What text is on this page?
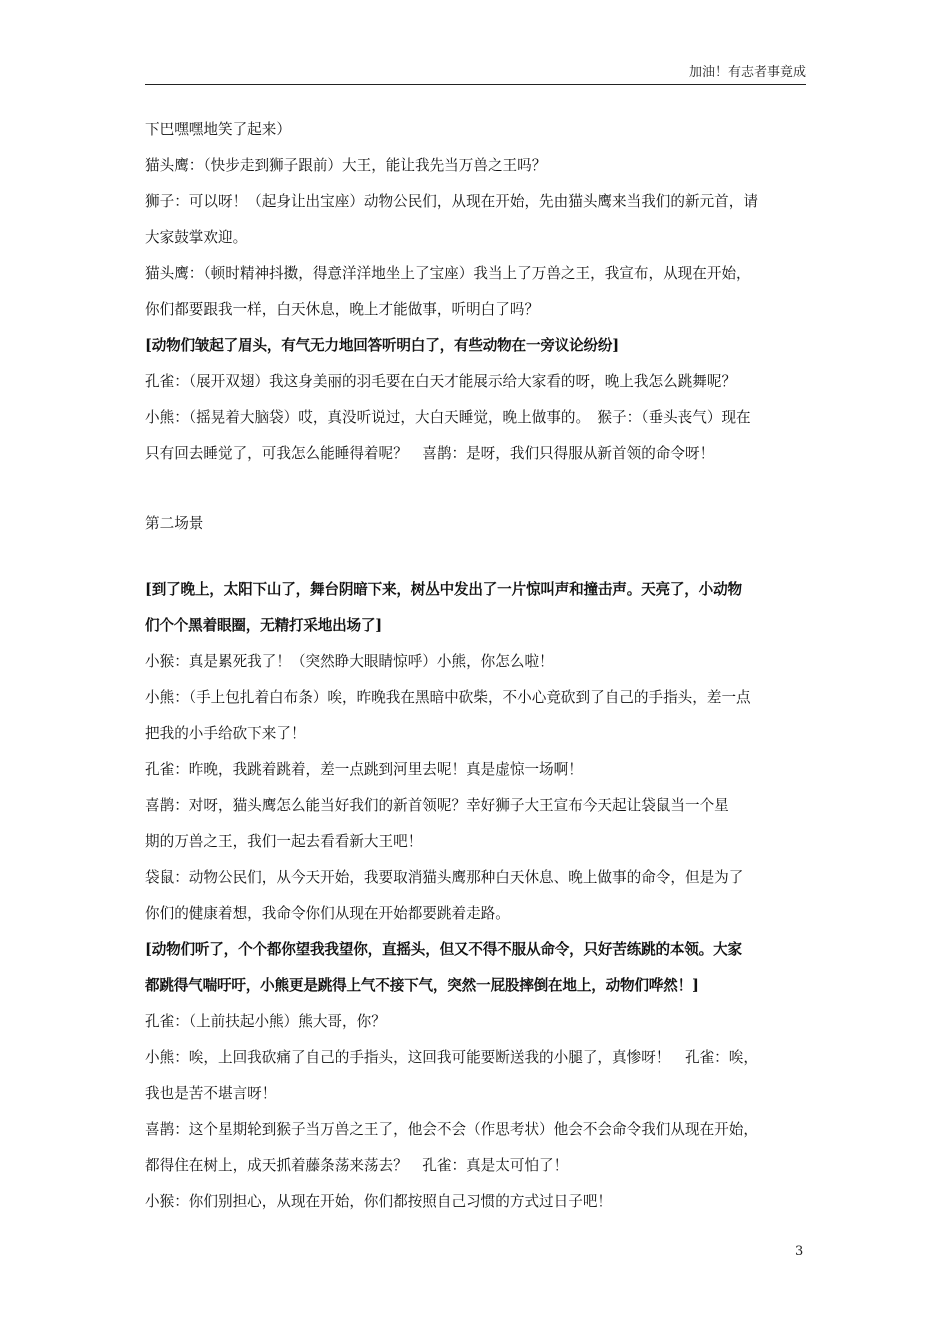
加油！有志者事竟成

下巴嘿嘿地笑了起来）

猫头鹰：（快步走到狮子跟前）大王，能让我先当万兽之王吗？

狮子：可以呀！（起身让出宝座）动物公民们，从现在开始，先由猫头鹰来当我们的新元首，请

大家鼓掌欢迎。

猫头鹰：（顿时精神抖擞，得意洋洋地坐上了宝座）我当上了万兽之王，我宣布，从现在开始，

你们都要跟我一样，白天休息，晚上才能做事，听明白了吗？

[动物们皱起了眉头，有气无力地回答听明白了，有些动物在一旁议论纷纷]

孔雀：（展开双翅）我这身美丽的羽毛要在白天才能展示给大家看的呀，晚上我怎么跳舞呢？

小熊：（摇晃着大脑袋）哎，真没听说过，大白天睡觉，晚上做事的。　猴子：（垂头丧气）现在

只有回去睡觉了，可我怎么能睡得着呢？　喜鹊：是呀，我们只得服从新首领的命令呀！

第二场景

[到了晚上，太阳下山了，舞台阴暗下来，树丛中发出了一片惊叫声和撞击声。天亮了，小动物

们个个黑着眼圈，无精打采地出场了]

小猴：真是累死我了！（突然睁大眼睛惊呼）小熊，你怎么啦！

小熊：（手上包扎着白布条）唉，昨晚我在黑暗中砍柴，不小心竟砍到了自己的手指头，差一点

把我的小手给砍下来了！

孔雀：昨晚，我跳着跳着，差一点跳到河里去呢！真是虚惊一场啊！

喜鹊：对呀，猫头鹰怎么能当好我们的新首领呢？幸好狮子大王宣布今天起让袋鼠当一个星

期的万兽之王，我们一起去看看新大王吧！

袋鼠：动物公民们，从今天开始，我要取消猫头鹰那种白天休息、晚上做事的命令，但是为了

你们的健康着想，我命令你们从现在开始都要跳着走路。

[动物们听了，个个都你望我我望你，直摇头，但又不得不服从命令，只好苦练跳的本领。大家

都跳得气喘吁吁，小熊更是跳得上气不接下气，突然一屁股摔倒在地上，动物们哗然！]

孔雀：（上前扶起小熊）熊大哥，你？

小熊：唉，上回我砍痛了自己的手指头，这回我可能要断送我的小腿了，真惨呀！　孔雀：唉，

我也是苦不堪言呀！

喜鹊：这个星期轮到猴子当万兽之王了，他会不会（作思考状）他会不会命令我们从现在开始，

都得住在树上，成天抓着藤条荡来荡去？　孔雀：真是太可怕了！

小猴：你们别担心，从现在开始，你们都按照自己习惯的方式过日子吧！

3
